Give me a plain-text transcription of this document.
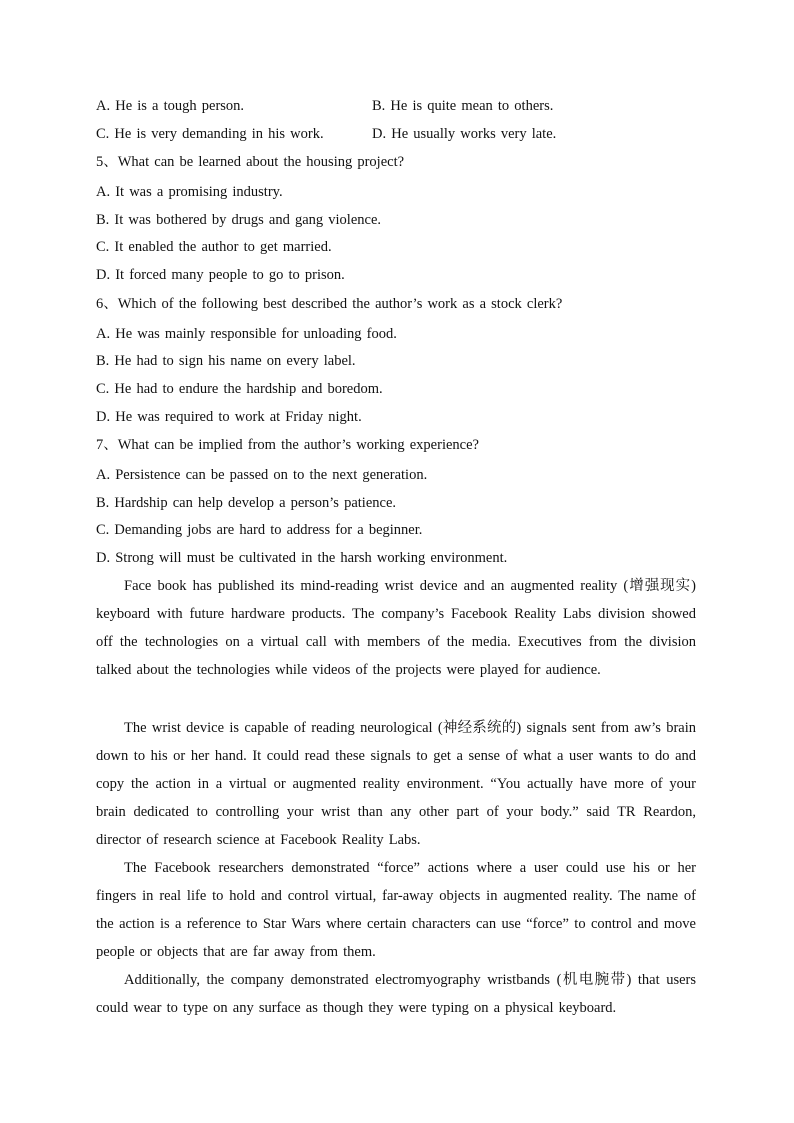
A. He is a tough person.	B. He is quite mean to others.
C. He is very demanding in his work.	D. He usually works very late.
5、What can be learned about the housing project?
A. It was a promising industry.
B. It was bothered by drugs and gang violence.
C. It enabled the author to get married.
D. It forced many people to go to prison.
6、Which of the following best described the author’s work as a stock clerk?
A. He was mainly responsible for unloading food.
B. He had to sign his name on every label.
C. He had to endure the hardship and boredom.
D. He was required to work at Friday night.
7、What can be implied from the author’s working experience?
A. Persistence can be passed on to the next generation.
B. Hardship can help develop a person’s patience.
C. Demanding jobs are hard to address for a beginner.
D. Strong will must be cultivated in the harsh working environment.
Face book has published its mind-reading wrist device and an augmented reality (增强现实) keyboard with future hardware products. The company’s Facebook Reality Labs division showed off the technologies on a virtual call with members of the media. Executives from the division talked about the technologies while videos of the projects were played for audience.
The wrist device is capable of reading neurological (神经系统的) signals sent from aw’s brain down to his or her hand. It could read these signals to get a sense of what a user wants to do and copy the action in a virtual or augmented reality environment. “You actually have more of your brain dedicated to controlling your wrist than any other part of your body.” said TR Reardon, director of research science at Facebook Reality Labs.
The Facebook researchers demonstrated “force” actions where a user could use his or her fingers in real life to hold and control virtual, far-away objects in augmented reality. The name of the action is a reference to Star Wars where certain characters can use “force” to control and move people or objects that are far away from them.
Additionally, the company demonstrated electromyography wristbands (机电腕带) that users could wear to type on any surface as though they were typing on a physical keyboard.
